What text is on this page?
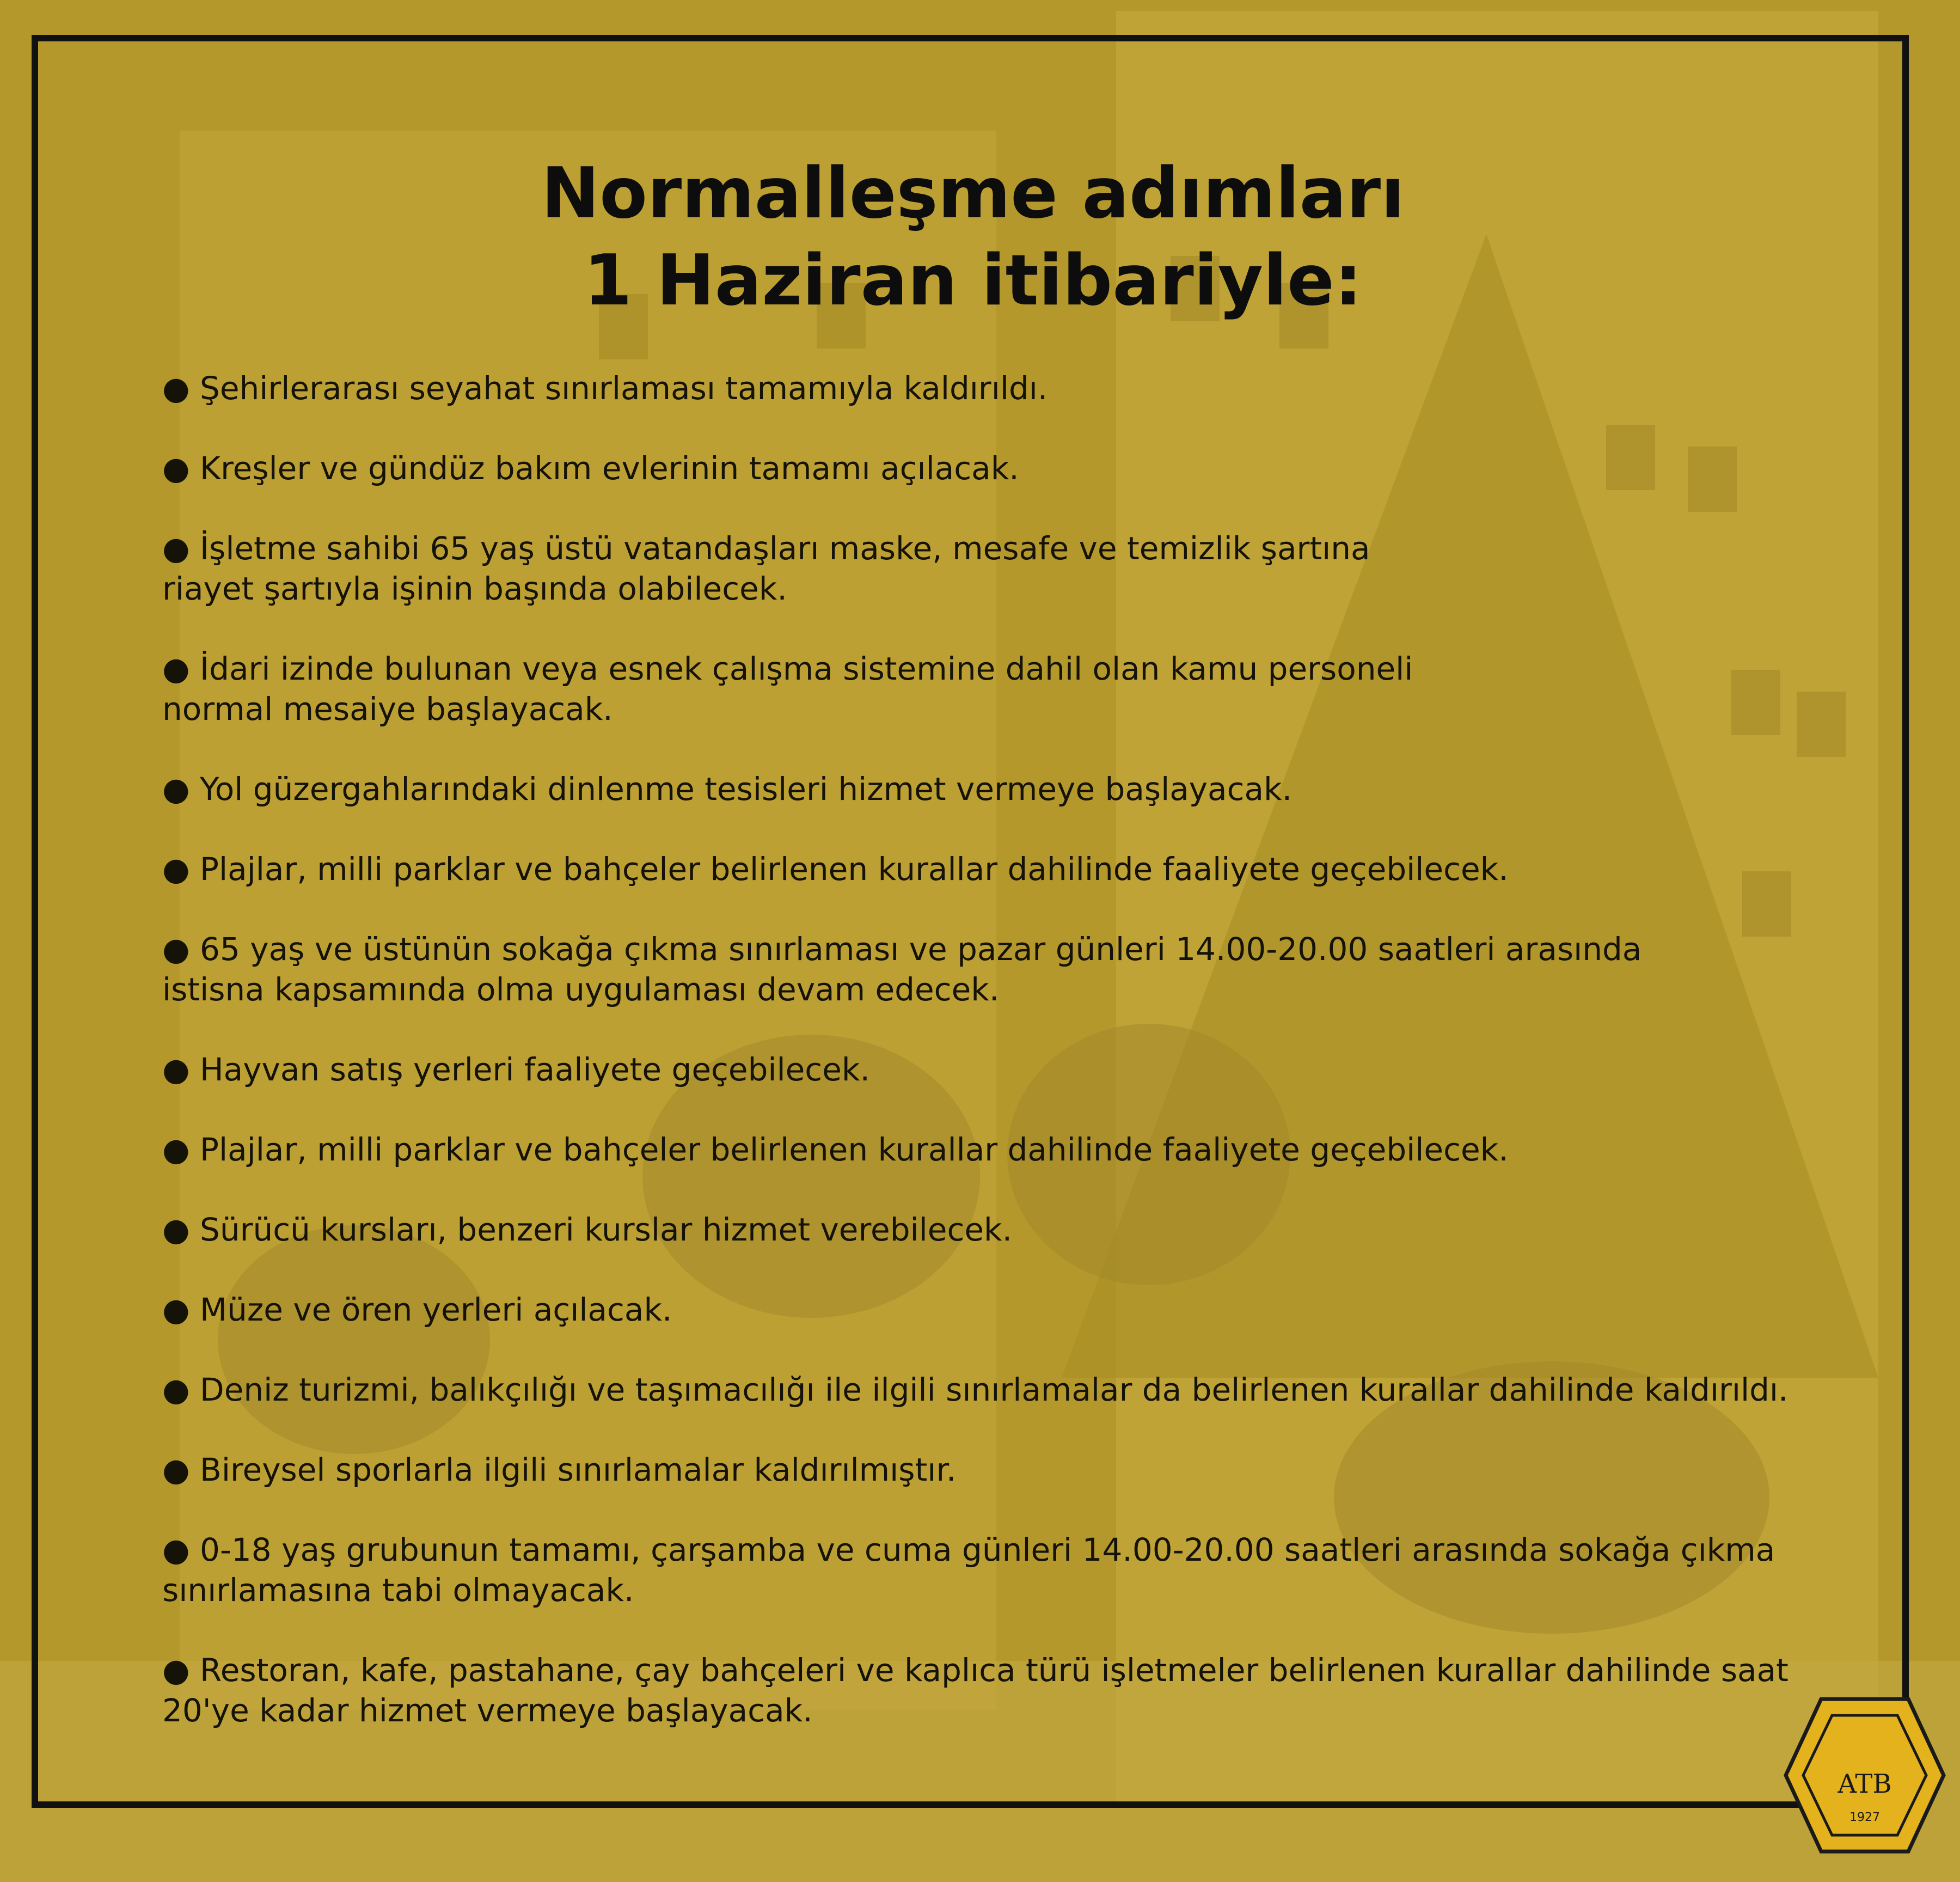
Normalleşme adımları
1 Haziran itibariyle:
● Şehirlerarası seyahat sınırlaması tamamıyla kaldırıldı.
● Kreşler ve gündüz bakım evlerinin tamamı açılacak.
● İşletme sahibi 65 yaş üstü vatandaşları maske, mesafe ve temizlik şartına
riayet şartıyla işinin başında olabilecek.
● İdari izinde bulunan veya esnek çalışma sistemine dahil olan kamu personeli
normal mesaiye başlayacak.
● Yol güzergahlarındaki dinlenme tesisleri hizmet vermeye başlayacak.
● Plajlar, milli parklar ve bahçeler belirlenen kurallar dahilinde faaliyete geçebilecek.
● 65 yaş ve üstünün sokağa çıkma sınırlaması ve pazar günleri 14.00-20.00 saatleri arasında
istisna kapsamında olma uygulaması devam edecek.
● Hayvan satış yerleri faaliyete geçebilecek.
● Plajlar, milli parklar ve bahçeler belirlenen kurallar dahilinde faaliyete geçebilecek.
● Sürücü kursları, benzeri kurslar hizmet verebilecek.
● Müze ve ören yerleri açılacak.
● Deniz turizmi, balıkçılığı ve taşımacılığı ile ilgili sınırlamalar da belirlenen kurallar dahilinde kaldırıldı.
● Bireysel sporlarla ilgili sınırlamalar kaldırılmıştır.
● 0-18 yaş grubunun tamamı, çarşamba ve cuma günleri 14.00-20.00 saatleri arasında sokağa çıkma
sınırlamasına tabi olmayacak.
● Restoran, kafe, pastahane, çay bahçeleri ve kaplıca türü işletmeler belirlenen kurallar dahilinde saat
20'ye kadar hizmet vermeye başlayacak.
ATB
1927
